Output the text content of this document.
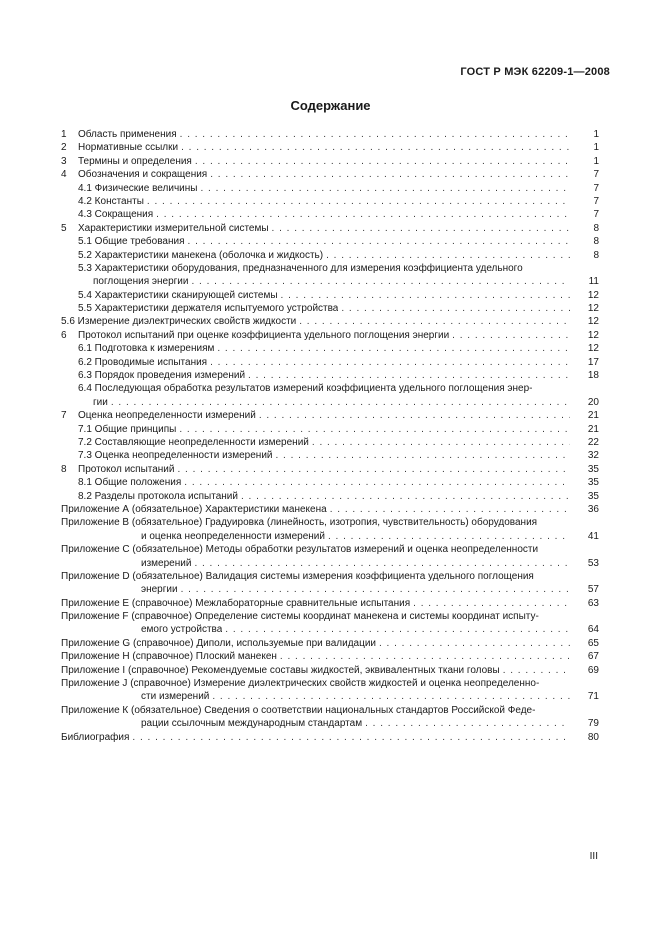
ГОСТ Р МЭК 62209-1—2008
Содержание
1 Область применения . . .	1
2 Нормативные ссылки . . .	1
3 Термины и определения . . .	1
4 Обозначения и сокращения . . .	7
4.1 Физические величины . . .	7
4.2 Константы . . .	7
4.3 Сокращения . . .	7
5 Характеристики измерительной системы . . .	8
5.1 Общие требования . . .	8
5.2 Характеристики манекена (оболочка и жидкость) . . .	8
5.3 Характеристики оборудования, предназначенного для измерения коэффициента удельного
поглощения энергии . . .	11
5.4 Характеристики сканирующей системы . . .	12
5.5 Характеристики держателя испытуемого устройства . . .	12
5.6 Измерение диэлектрических свойств жидкости . . .	12
6 Протокол испытаний при оценке коэффициента удельного поглощения энергии . . .	12
6.1 Подготовка к измерениям . . .	12
6.2 Проводимые испытания . . .	17
6.3 Порядок проведения измерений . . .	18
6.4 Последующая обработка результатов измерений коэффициента удельного поглощения энер-
гии . . .	20
7 Оценка неопределенности измерений . . .	21
7.1 Общие принципы . . .	21
7.2 Составляющие неопределенности измерений . . .	22
7.3 Оценка неопределенности измерений . . .	32
8 Протокол испытаний . . .	35
8.1 Общие положения . . .	35
8.2 Разделы протокола испытаний . . .	35
Приложение А (обязательное) Характеристики манекена . . .	36
Приложение В (обязательное) Градуировка (линейность, изотропия, чувствительность) оборудования
и оценка неопределенности измерений . . .	41
Приложение С (обязательное) Методы обработки результатов измерений и оценка неопределенности
измерений . . .	53
Приложение D (обязательное) Валидация системы измерения коэффициента удельного поглощения
энергии . . .	57
Приложение Е (справочное) Межлабораторные сравнительные испытания . . .	63
Приложение F (справочное) Определение системы координат манекена и системы координат испыту-
емого устройства . . .	64
Приложение G (справочное) Диполи, используемые при валидации . . .	65
Приложение Н (справочное) Плоский манекен . . .	67
Приложение I (справочное) Рекомендуемые составы жидкостей, эквивалентных ткани головы . . .	69
Приложение J (справочное) Измерение диэлектрических свойств жидкостей и оценка неопределенно-
сти измерений . . .	71
Приложение К (обязательное) Сведения о соответствии национальных стандартов Российской Феде-
рации ссылочным международным стандартам . . .	79
Библиография . . .	80
III
